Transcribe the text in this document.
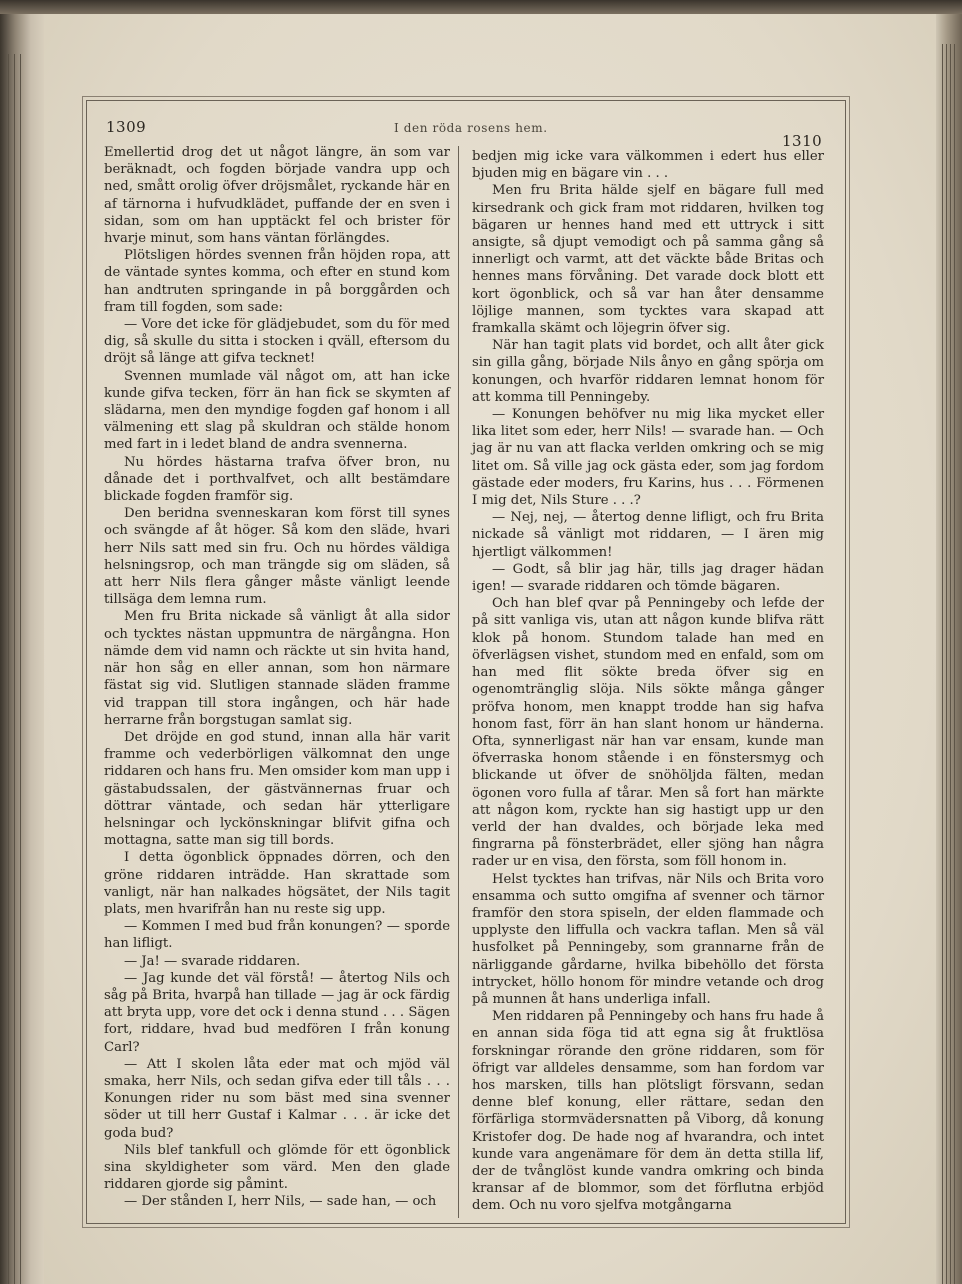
1309	I den röda rosens hem.
1310

Emellertid drog det ut något längre, än som var beräknadt, och fogden började vandra upp och ned, smått orolig öfver dröjsmålet, ryckande här en af tärnorna i hufvudklädet, puffande der en sven i sidan, som om han upptäckt fel och brister för hvarje minut, som hans väntan förlängdes.

Plötsligen hördes svennen från höjden ropa, att de väntade syntes komma, och efter en stund kom han andtruten springande in på borggården och fram till fogden, som sade:

— Vore det icke för glädjebudet, som du för med dig, så skulle du sitta i stocken i qväll, eftersom du dröjt så länge att gifva tecknet!

Svennen mumlade väl något om, att han icke kunde gifva tecken, förr än han fick se skymten af slädarna, men den myndige fogden gaf honom i all välmening ett slag på skuldran och stälde honom med fart in i ledet bland de andra svennerna.

Nu hördes hästarna trafva öfver bron, nu dånade det i porthvalfvet, och allt bestämdare blickade fogden framför sig.

Den beridna svenneskaran kom först till synes och svängde af åt höger. Så kom den släde, hvari herr Nils satt med sin fru. Och nu hördes väldiga helsningsrop, och man trängde sig om släden, så att herr Nils flera gånger måste vänligt leende tillsäga dem lemna rum.

Men fru Brita nickade så vänligt åt alla sidor och tycktes nästan uppmuntra de närgångna. Hon nämde dem vid namn och räckte ut sin hvita hand, när hon såg en eller annan, som hon närmare fästat sig vid. Slutligen stannade släden framme vid trappan till stora ingången, och här hade herrarne från borgstugan samlat sig.

Det dröjde en god stund, innan alla här varit framme och vederbörligen välkomnat den unge riddaren och hans fru. Men omsider kom man upp i gästabudssalen, der gästvännernas fruar och döttrar väntade, och sedan här ytterligare helsningar och lyckönskningar blifvit gifna och mottagna, satte man sig till bords.

I detta ögonblick öppnades dörren, och den gröne riddaren inträdde. Han skrattade som vanligt, när han nalkades högsätet, der Nils tagit plats, men hvarifrån han nu reste sig upp.

— Kommen I med bud från konungen? — sporde han lifligt.

— Ja! — svarade riddaren.

— Jag kunde det väl förstå! — återtog Nils och såg på Brita, hvarpå han tillade — jag är ock färdig att bryta upp, vore det ock i denna stund . . . Sägen fort, riddare, hvad bud medfören I från konung Carl?

— Att I skolen låta eder mat och mjöd väl smaka, herr Nils, och sedan gifva eder till tåls . . . Konungen rider nu som bäst med sina svenner söder ut till herr Gustaf i Kalmar . . . är icke det goda bud?

Nils blef tankfull och glömde för ett ögonblick sina skyldigheter som värd. Men den glade riddaren gjorde sig påmint.

— Der stånden I, herr Nils, — sade han, — och

bedjen mig icke vara välkommen i edert hus eller bjuden mig en bägare vin . . .

Men fru Brita hälde sjelf en bägare full med kirsedrank och gick fram mot riddaren, hvilken tog bägaren ur hennes hand med ett uttryck i sitt ansigte, så djupt vemodigt och på samma gång så innerligt och varmt, att det väckte både Britas och hennes mans förvåning. Det varade dock blott ett kort ögonblick, och så var han åter densamme löjlige mannen, som tycktes vara skapad att framkalla skämt och löjegrin öfver sig.

När han tagit plats vid bordet, och allt åter gick sin gilla gång, började Nils ånyo en gång spörja om konungen, och hvarför riddaren lemnat honom för att komma till Penningeby.

— Konungen behöfver nu mig lika mycket eller lika litet som eder, herr Nils! — svarade han. — Och jag är nu van att flacka verlden omkring och se mig litet om. Så ville jag ock gästa eder, som jag fordom gästade eder moders, fru Karins, hus . . . Förmenen I mig det, Nils Sture . . .?

— Nej, nej, — återtog denne lifligt, och fru Brita nickade så vänligt mot riddaren, — I ären mig hjertligt välkommen!

— Godt, så blir jag här, tills jag drager hädan igen! — svarade riddaren och tömde bägaren.

Och han blef qvar på Penningeby och lefde der på sitt vanliga vis, utan att någon kunde blifva rätt klok på honom. Stundom talade han med en öfverlägsen vishet, stundom med en enfald, som om han med flit sökte breda öfver sig en ogenomtränglig slöja. Nils sökte många gånger pröfva honom, men knappt trodde han sig hafva honom fast, förr än han slant honom ur händerna. Ofta, synnerligast när han var ensam, kunde man öfverraska honom stående i en fönstersmyg och blickande ut öfver de snöhöljda fälten, medan ögonen voro fulla af tårar. Men så fort han märkte att någon kom, ryckte han sig hastigt upp ur den verld der han dvaldes, och började leka med fingrarna på fönsterbrädet, eller sjöng han några rader ur en visa, den första, som föll honom in.

Helst tycktes han trifvas, när Nils och Brita voro ensamma och sutto omgifna af svenner och tärnor framför den stora spiseln, der elden flammade och upplyste den liffulla och vackra taflan. Men så väl husfolket på Penningeby, som grannarne från de närliggande gårdarne, hvilka bibehöllo det första intrycket, höllo honom för mindre vetande och drog på munnen åt hans underliga infall.

Men riddaren på Penningeby och hans fru hade å en annan sida föga tid att egna sig åt fruktlösa forskningar rörande den gröne riddaren, som för öfrigt var alldeles densamme, som han fordom var hos marsken, tills han plötsligt försvann, sedan denne blef konung, eller rättare, sedan den förfärliga stormvädersnatten på Viborg, då konung Kristofer dog. De hade nog af hvarandra, och intet kunde vara angenämare för dem än detta stilla lif, der de tvånglöst kunde vandra omkring och binda kransar af de blommor, som det förflutna erbjöd dem. Och nu voro sjelfva motgångarna
